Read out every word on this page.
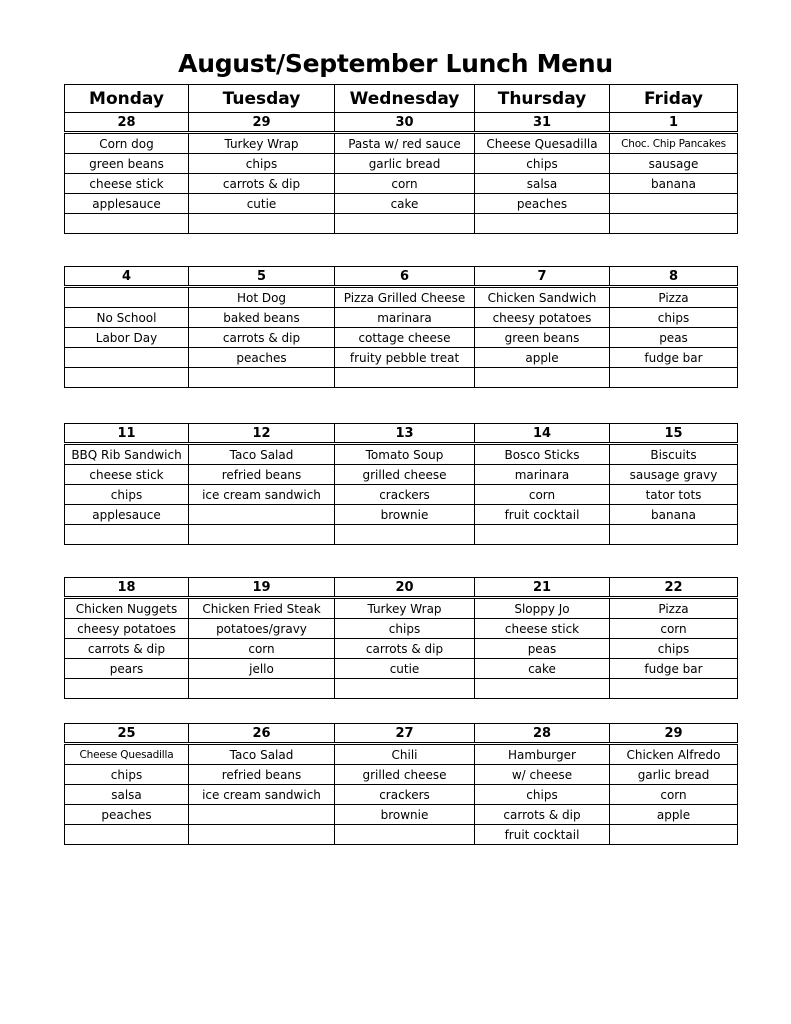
August/September Lunch Menu
Monday	Tuesday	Wednesday	Thursday	Friday
28	29	30	31	1
Corn dog	Turkey Wrap	Pasta w/ red sauce	Cheese Quesadilla	Choc. Chip Pancakes
green beans	chips	garlic bread	chips	sausage
cheese stick	carrots & dip	corn	salsa	banana
applesauce	cutie	cake	peaches	

4	5	6	7	8
	Hot Dog	Pizza Grilled Cheese	Chicken Sandwich	Pizza
No School	baked beans	marinara	cheesy potatoes	chips
Labor Day	carrots & dip	cottage cheese	green beans	peas
	peaches	fruity pebble treat	apple	fudge bar

11	12	13	14	15
BBQ Rib Sandwich	Taco Salad	Tomato Soup	Bosco Sticks	Biscuits
cheese stick	refried beans	grilled cheese	marinara	sausage gravy
chips	ice cream sandwich	crackers	corn	tator tots
applesauce		brownie	fruit cocktail	banana

18	19	20	21	22
Chicken Nuggets	Chicken Fried Steak	Turkey Wrap	Sloppy Jo	Pizza
cheesy potatoes	potatoes/gravy	chips	cheese stick	corn
carrots & dip	corn	carrots & dip	peas	chips
pears	jello	cutie	cake	fudge bar

25	26	27	28	29
Cheese Quesadilla	Taco Salad	Chili	Hamburger	Chicken Alfredo
chips	refried beans	grilled cheese	w/ cheese	garlic bread
salsa	ice cream sandwich	crackers	chips	corn
peaches		brownie	carrots & dip	apple
			fruit cocktail	
